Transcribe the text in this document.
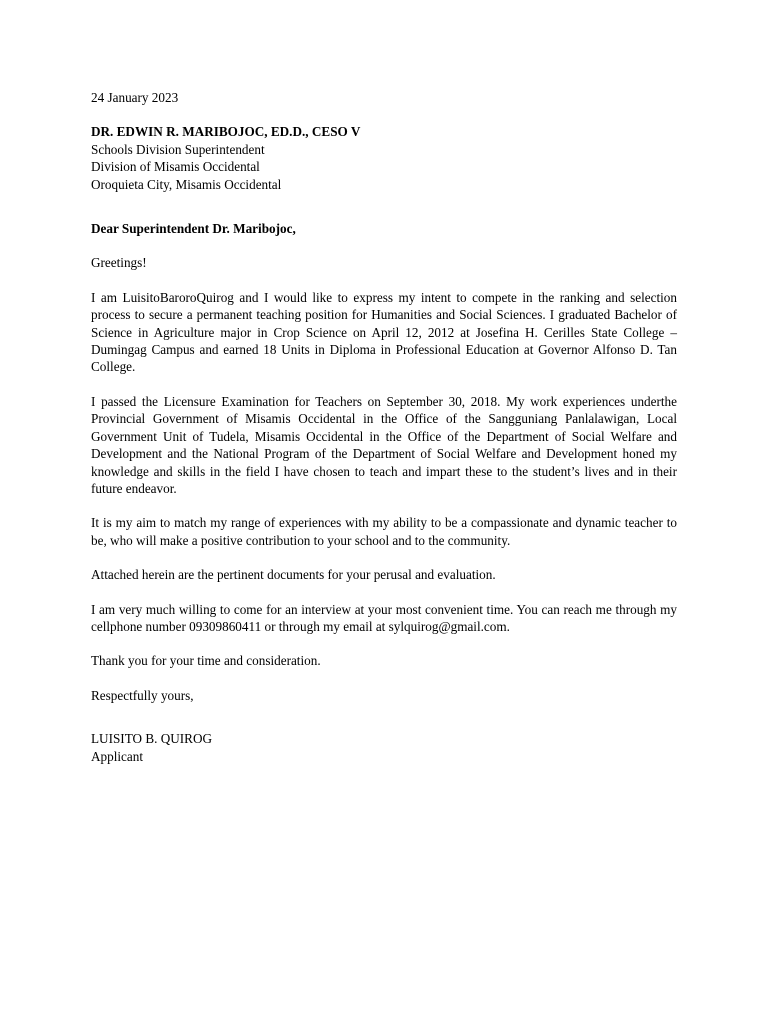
24 January 2023

DR. EDWIN R. MARIBOJOC, ED.D., CESO V

Schools Division Superintendent

Division of Misamis Occidental

Oroquieta City, Misamis Occidental

Dear Superintendent Dr. Maribojoc,

Greetings!

I am LuisitoBaroroQuirog and I would like to express my intent to compete in the ranking and selection process to secure a permanent teaching position for Humanities and Social Sciences. I graduated Bachelor of Science in Agriculture major in Crop Science on April 12, 2012 at Josefina H. Cerilles State College – Dumingag Campus and earned 18 Units in Diploma in Professional Education at Governor Alfonso D. Tan College.

I passed the Licensure Examination for Teachers on September 30, 2018. My work experiences underthe Provincial Government of Misamis Occidental in the Office of the Sangguniang Panlalawigan, Local Government Unit of Tudela, Misamis Occidental in the Office of the Department of Social Welfare and Development and the National Program of the Department of Social Welfare and Development honed my knowledge and skills in the field I have chosen to teach and impart these to the student’s lives and in their future endeavor.

It is my aim to match my range of experiences with my ability to be a compassionate and dynamic teacher to be, who will make a positive contribution to your school and to the community.

Attached herein are the pertinent documents for your perusal and evaluation.

I am very much willing to come for an interview at your most convenient time. You can reach me through my cellphone number 09309860411 or through my email at sylquirog@gmail.com.

Thank you for your time and consideration.

Respectfully yours,

LUISITO B. QUIROG

Applicant
